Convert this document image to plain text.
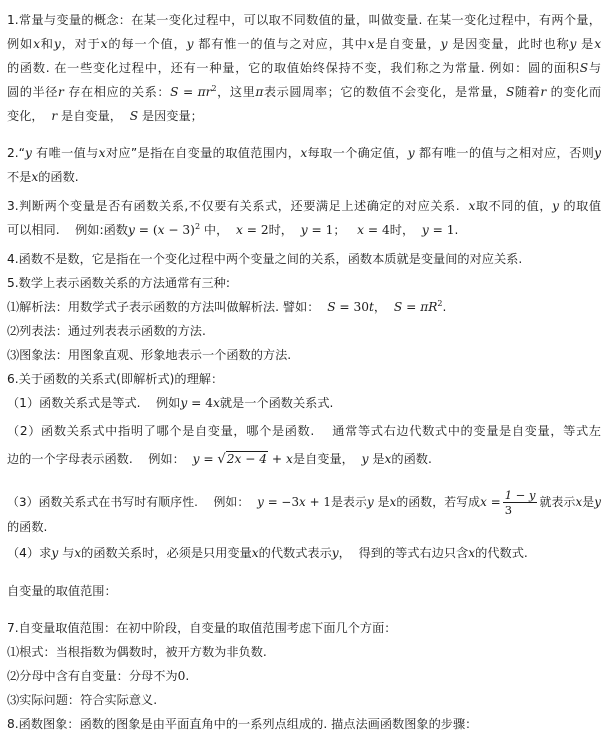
1.常量与变量的概念：在某一变化过程中，可以取不同数值的量，叫做变量. 在某一变化过程中，有两个量，
例如x和y，对于x的每一个值，y 都有惟一的值与之对应，其中x是自变量，y 是因变量，此时也称y 是x
的函数. 在一些变化过程中，还有一种量，它的取值始终保持不变，我们称之为常量. 例如：圆的面积S与
圆的半径r 存在相应的关系：$S = \pi r^2$，这里π表示圆周率；它的数值不会变化，是常量，S随着r 的变化而
变化，  r 是自变量，  S 是因变量；
2.“y 有唯一值与x对应”是指在自变量的取值范围内，x每取一个确定值，y 都有唯一的值与之相对应，否则y
不是x的函数.
3.判断两个变量是否有函数关系,不仅要有关系式，还要满足上述确定的对应关系.  x取不同的值，y 的取值
可以相同.    例如:函数$y = (x - 3)^2$ 中，  x = 2时，  y = 1；   x = 4时，  y = 1.
4.函数不是数，它是指在一个变化过程中两个变量之间的关系，函数本质就是变量间的对应关系.
5.数学上表示函数关系的方法通常有三种:
⑴解析法：用数学式子表示函数的方法叫做解析法. 譬如：  S = 30t，  $S = \pi R^2$.
⑵列表法：通过列表表示函数的方法.
⑶图象法：用图象直观、形象地表示一个函数的方法.
6.关于函数的关系式(即解析式)的理解：
（1）函数关系式是等式.    例如y = 4x就是一个函数关系式.
（2）函数关系式中指明了哪个是自变量，哪个是函数.    通常等式右边代数式中的变量是自变量，等式左
边的一个字母表示函数.    例如：  y = √2x − 4 + x是自变量，  y 是x的函数.
（3）函数关系式在书写时有顺序性.    例如：  y = −3x + 1是表示y 是x的函数，若写成$x = \frac{1 - y}{3}$ 就表示x是y
的函数.
（4）求y 与x的函数关系时，必须是只用变量x的代数式表示y，  得到的等式右边只含x的代数式.
自变量的取值范围：
7.自变量取值范围：在初中阶段，自变量的取值范围考虑下面几个方面：
⑴根式：当根指数为偶数时，被开方数为非负数.
⑵分母中含有自变量：分母不为0.
⑶实际问题：符合实际意义.
8.函数图象：函数的图象是由平面直角中的一系列点组成的. 描点法画函数图象的步骤：
